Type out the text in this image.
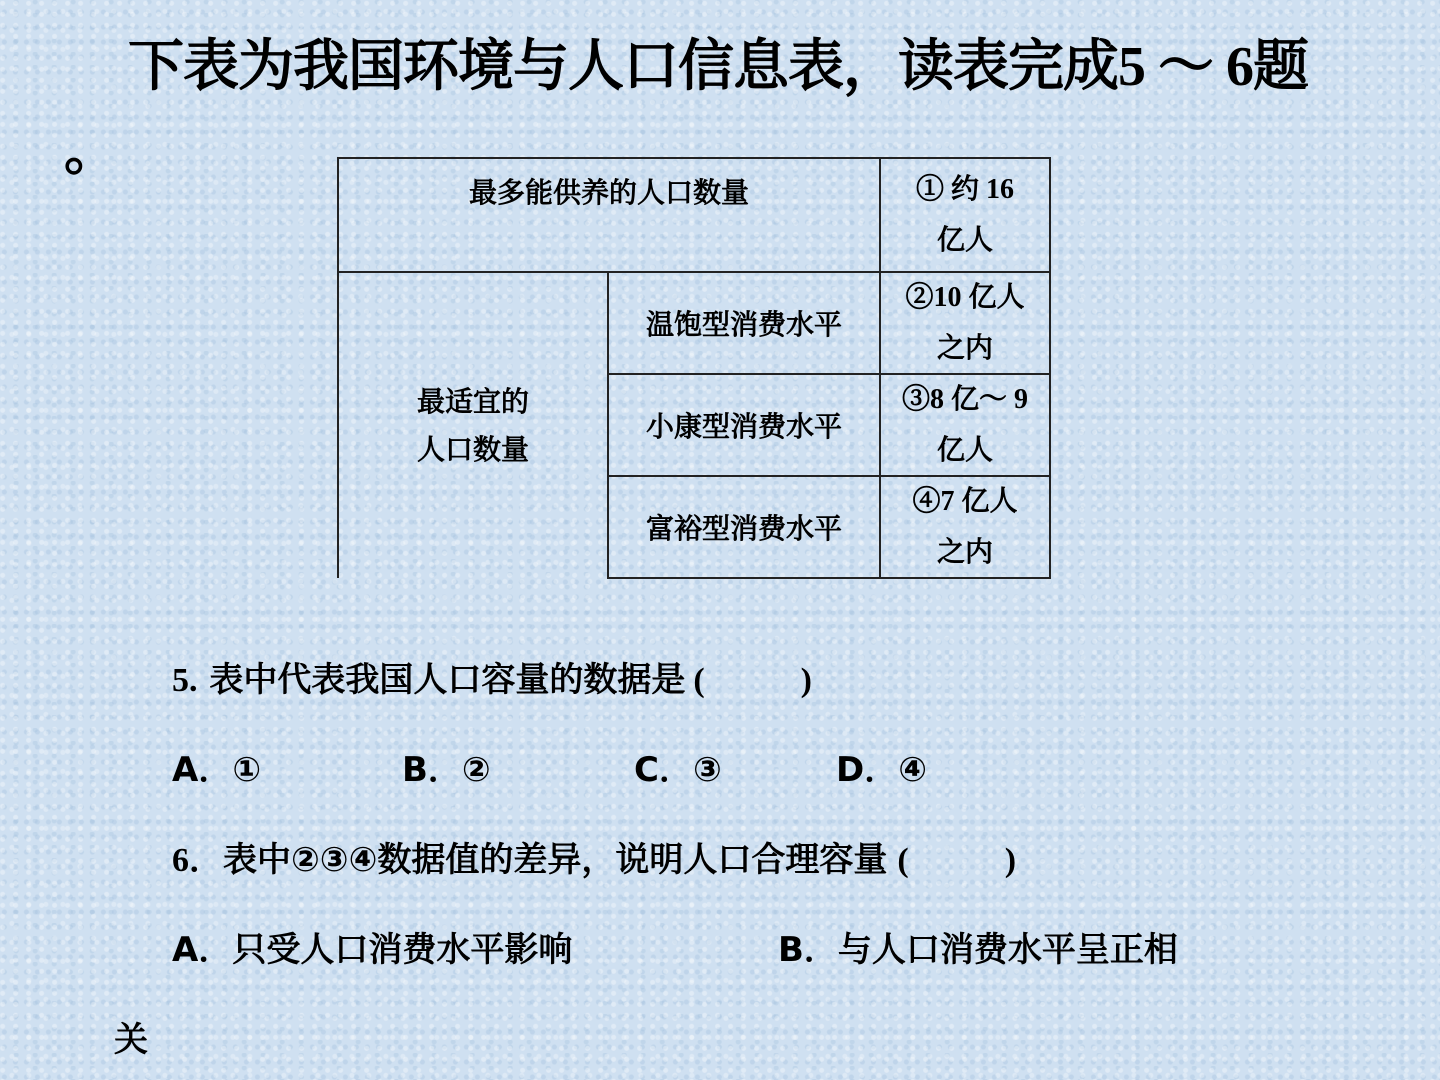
下表为我国环境与人口信息表，读表完成5 ～ 6题
。
最多能供养的人口数量		① 约 16
亿人

最适宜的
人口数量	温饱型消费水平	②10 亿人
之内

	小康型消费水平	③8 亿～ 9
亿人

	富裕型消费水平	④7 亿人
之内
5. 表中代表我国人口容量的数据是 (	)
A．①	B．②	C．③	D．④
6．表中②③④数据值的差异，说明人口合理容量 (	)
A．只受人口消费水平影响	B．与人口消费水平呈正相
关
